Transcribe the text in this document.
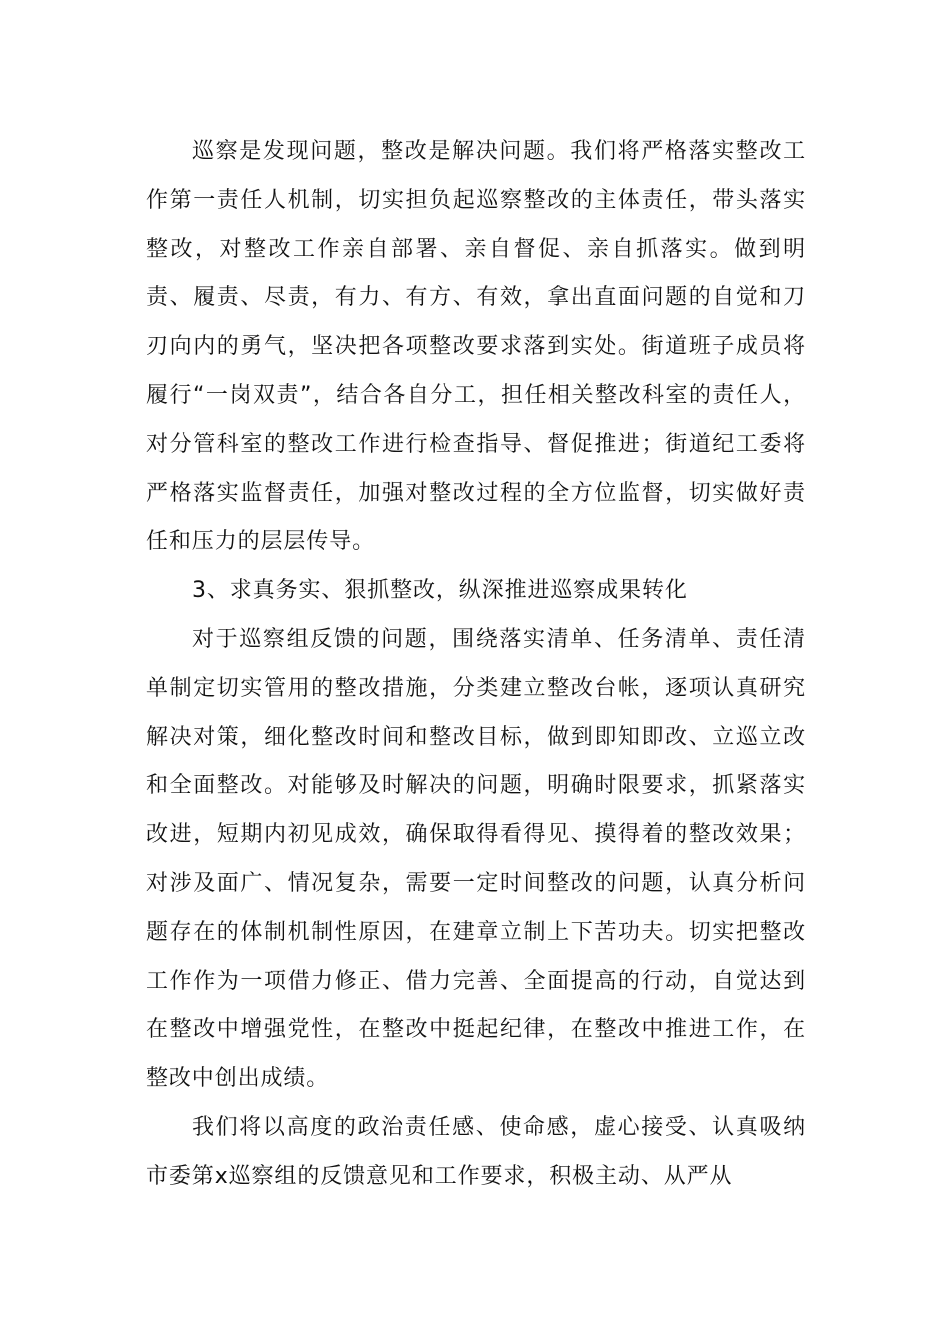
巡察是发现问题，整改是解决问题。我们将严格落实整改工作第一责任人机制，切实担负起巡察整改的主体责任，带头落实整改，对整改工作亲自部署、亲自督促、亲自抓落实。做到明责、履责、尽责，有力、有方、有效，拿出直面问题的自觉和刀刃向内的勇气，坚决把各项整改要求落到实处。街道班子成员将履行“一岗双责”，结合各自分工，担任相关整改科室的责任人，对分管科室的整改工作进行检查指导、督促推进；街道纪工委将严格落实监督责任，加强对整改过程的全方位监督，切实做好责任和压力的层层传导。

3、求真务实、狠抓整改，纵深推进巡察成果转化

对于巡察组反馈的问题，围绕落实清单、任务清单、责任清单制定切实管用的整改措施，分类建立整改台帐，逐项认真研究解决对策，细化整改时间和整改目标，做到即知即改、立巡立改和全面整改。对能够及时解决的问题，明确时限要求，抓紧落实改进，短期内初见成效，确保取得看得见、摸得着的整改效果；对涉及面广、情况复杂，需要一定时间整改的问题，认真分析问题存在的体制机制性原因，在建章立制上下苦功夫。切实把整改工作作为一项借力修正、借力完善、全面提高的行动，自觉达到在整改中增强党性，在整改中挺起纪律，在整改中推进工作，在整改中创出成绩。

我们将以高度的政治责任感、使命感，虚心接受、认真吸纳市委第x巡察组的反馈意见和工作要求，积极主动、从严从
